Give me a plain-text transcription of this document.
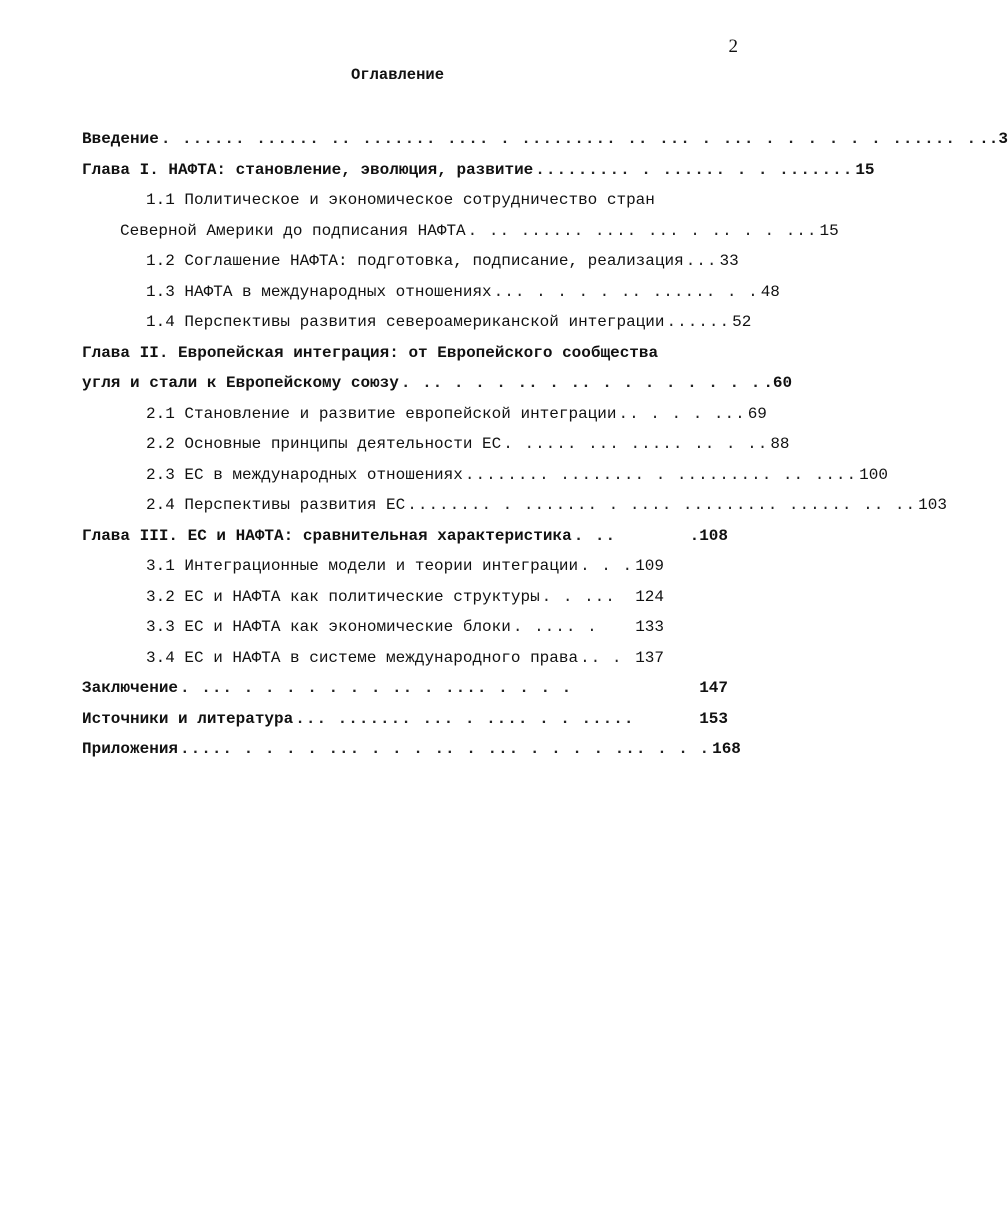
2
Оглавление
Введение . ...... ...... .. ....... .... . ......... .. ... . ... . . . . . . ...... . ..3
Глава I. НАФТА: становление, эволюция, развитие ......... . ...... . . ....... 15
1.1 Политическое и экономическое сотрудничество стран
Северной Америки до подписания НАФТА . .. ...... .... ... . .. . . ... 15
1.2 Соглашение НАФТА: подготовка, подписание, реализация ... 33
1.3 НАФТА в международных отношениях ... . . . . .. ...... . . 48
1.4 Перспективы развития североамериканской интеграции ...... 52
Глава II. Европейская интеграция: от Европейского сообщества
угля и стали к Европейскому союзу . .. . . . .. . .. . . . . . . . . .60
2.1 Становление и развитие европейской интеграции .. . . . ... 69
2.2 Основные принципы деятельности ЕС . ..... ... ..... .. . .. 88
2.3 ЕС в международных отношениях ........ ........ . ......... .. .... 100
2.4 Перспективы развития ЕС ........ . ....... . .... ......... ...... .. .. 103
Глава III. ЕС и НАФТА: сравнительная характеристика . ..	.108
3.1 Интеграционные модели и теории интеграции . . . 109
3.2 ЕС и НАФТА как политические структуры . . ...	124
3.3 ЕС и НАФТА как экономические блоки . .... .	133
3.4 ЕС и НАФТА в системе международного права .. . 137
Заключение . ... . . . . . . . .. . .... . . . .	147
Источники и литература ... ....... ... . .... . . .....	153
Приложения ..... . . . . ... . . . .. . ... . . . . ... . . . 168
